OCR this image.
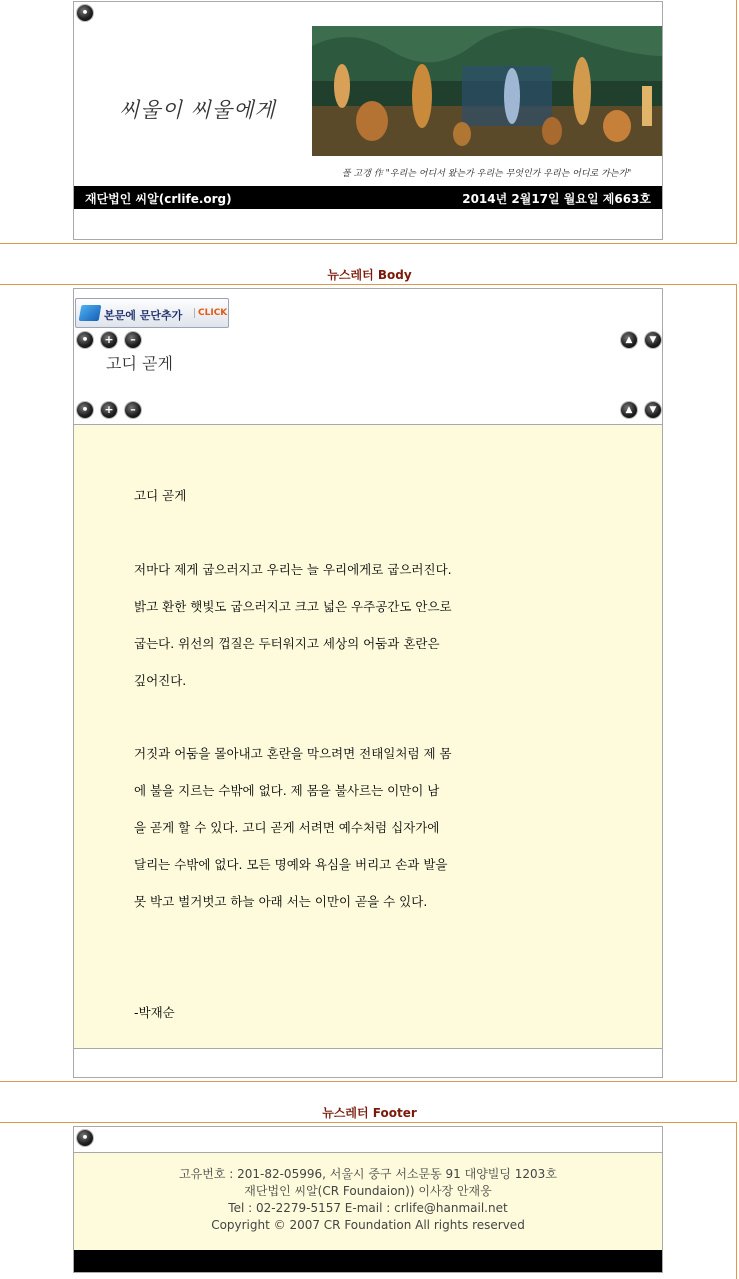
•
씨울이 씨울에게
폴 고갱 作 "우리는 어디서 왔는가 우리는 무엇인가 우리는 어디로 가는가"
재단법인 씨알(crlife.org)	2014년 2월17일 월요일 제663호
뉴스레터 Body
본문에 문단추가	CLICK
•	+	–	▲	▼
고디 곧게
•	+	–	▲	▼
고디 곧게
저마다 제게 굽으러지고 우리는 늘 우리에게로 굽으러진다.
밝고 환한 햇빛도 굽으러지고 크고 넓은 우주공간도 안으로
굽는다. 위선의 껍질은 두터워지고 세상의 어둠과 혼란은
깊어진다.
거짓과 어둠을 몰아내고 혼란을 막으려면 전태일처럼 제 몸
에 불을 지르는 수밖에 없다. 제 몸을 불사르는 이만이 남
을 곧게 할 수 있다. 고디 곧게 서려면 예수처럼 십자가에
달리는 수밖에 없다. 모든 명예와 욕심을 버리고 손과 발을
못 박고 벌거벗고 하늘 아래 서는 이만이 곧을 수 있다.
-박재순
뉴스레터 Footer
•
고유번호 : 201-82-05996, 서울시 중구 서소문동 91 대양빌딩 1203호
재단법인 씨알(CR Foundaion)) 이사장 안재웅
Tel : 02-2279-5157 E-mail : crlife@hanmail.net
Copyright © 2007 CR Foundation All rights reserved
